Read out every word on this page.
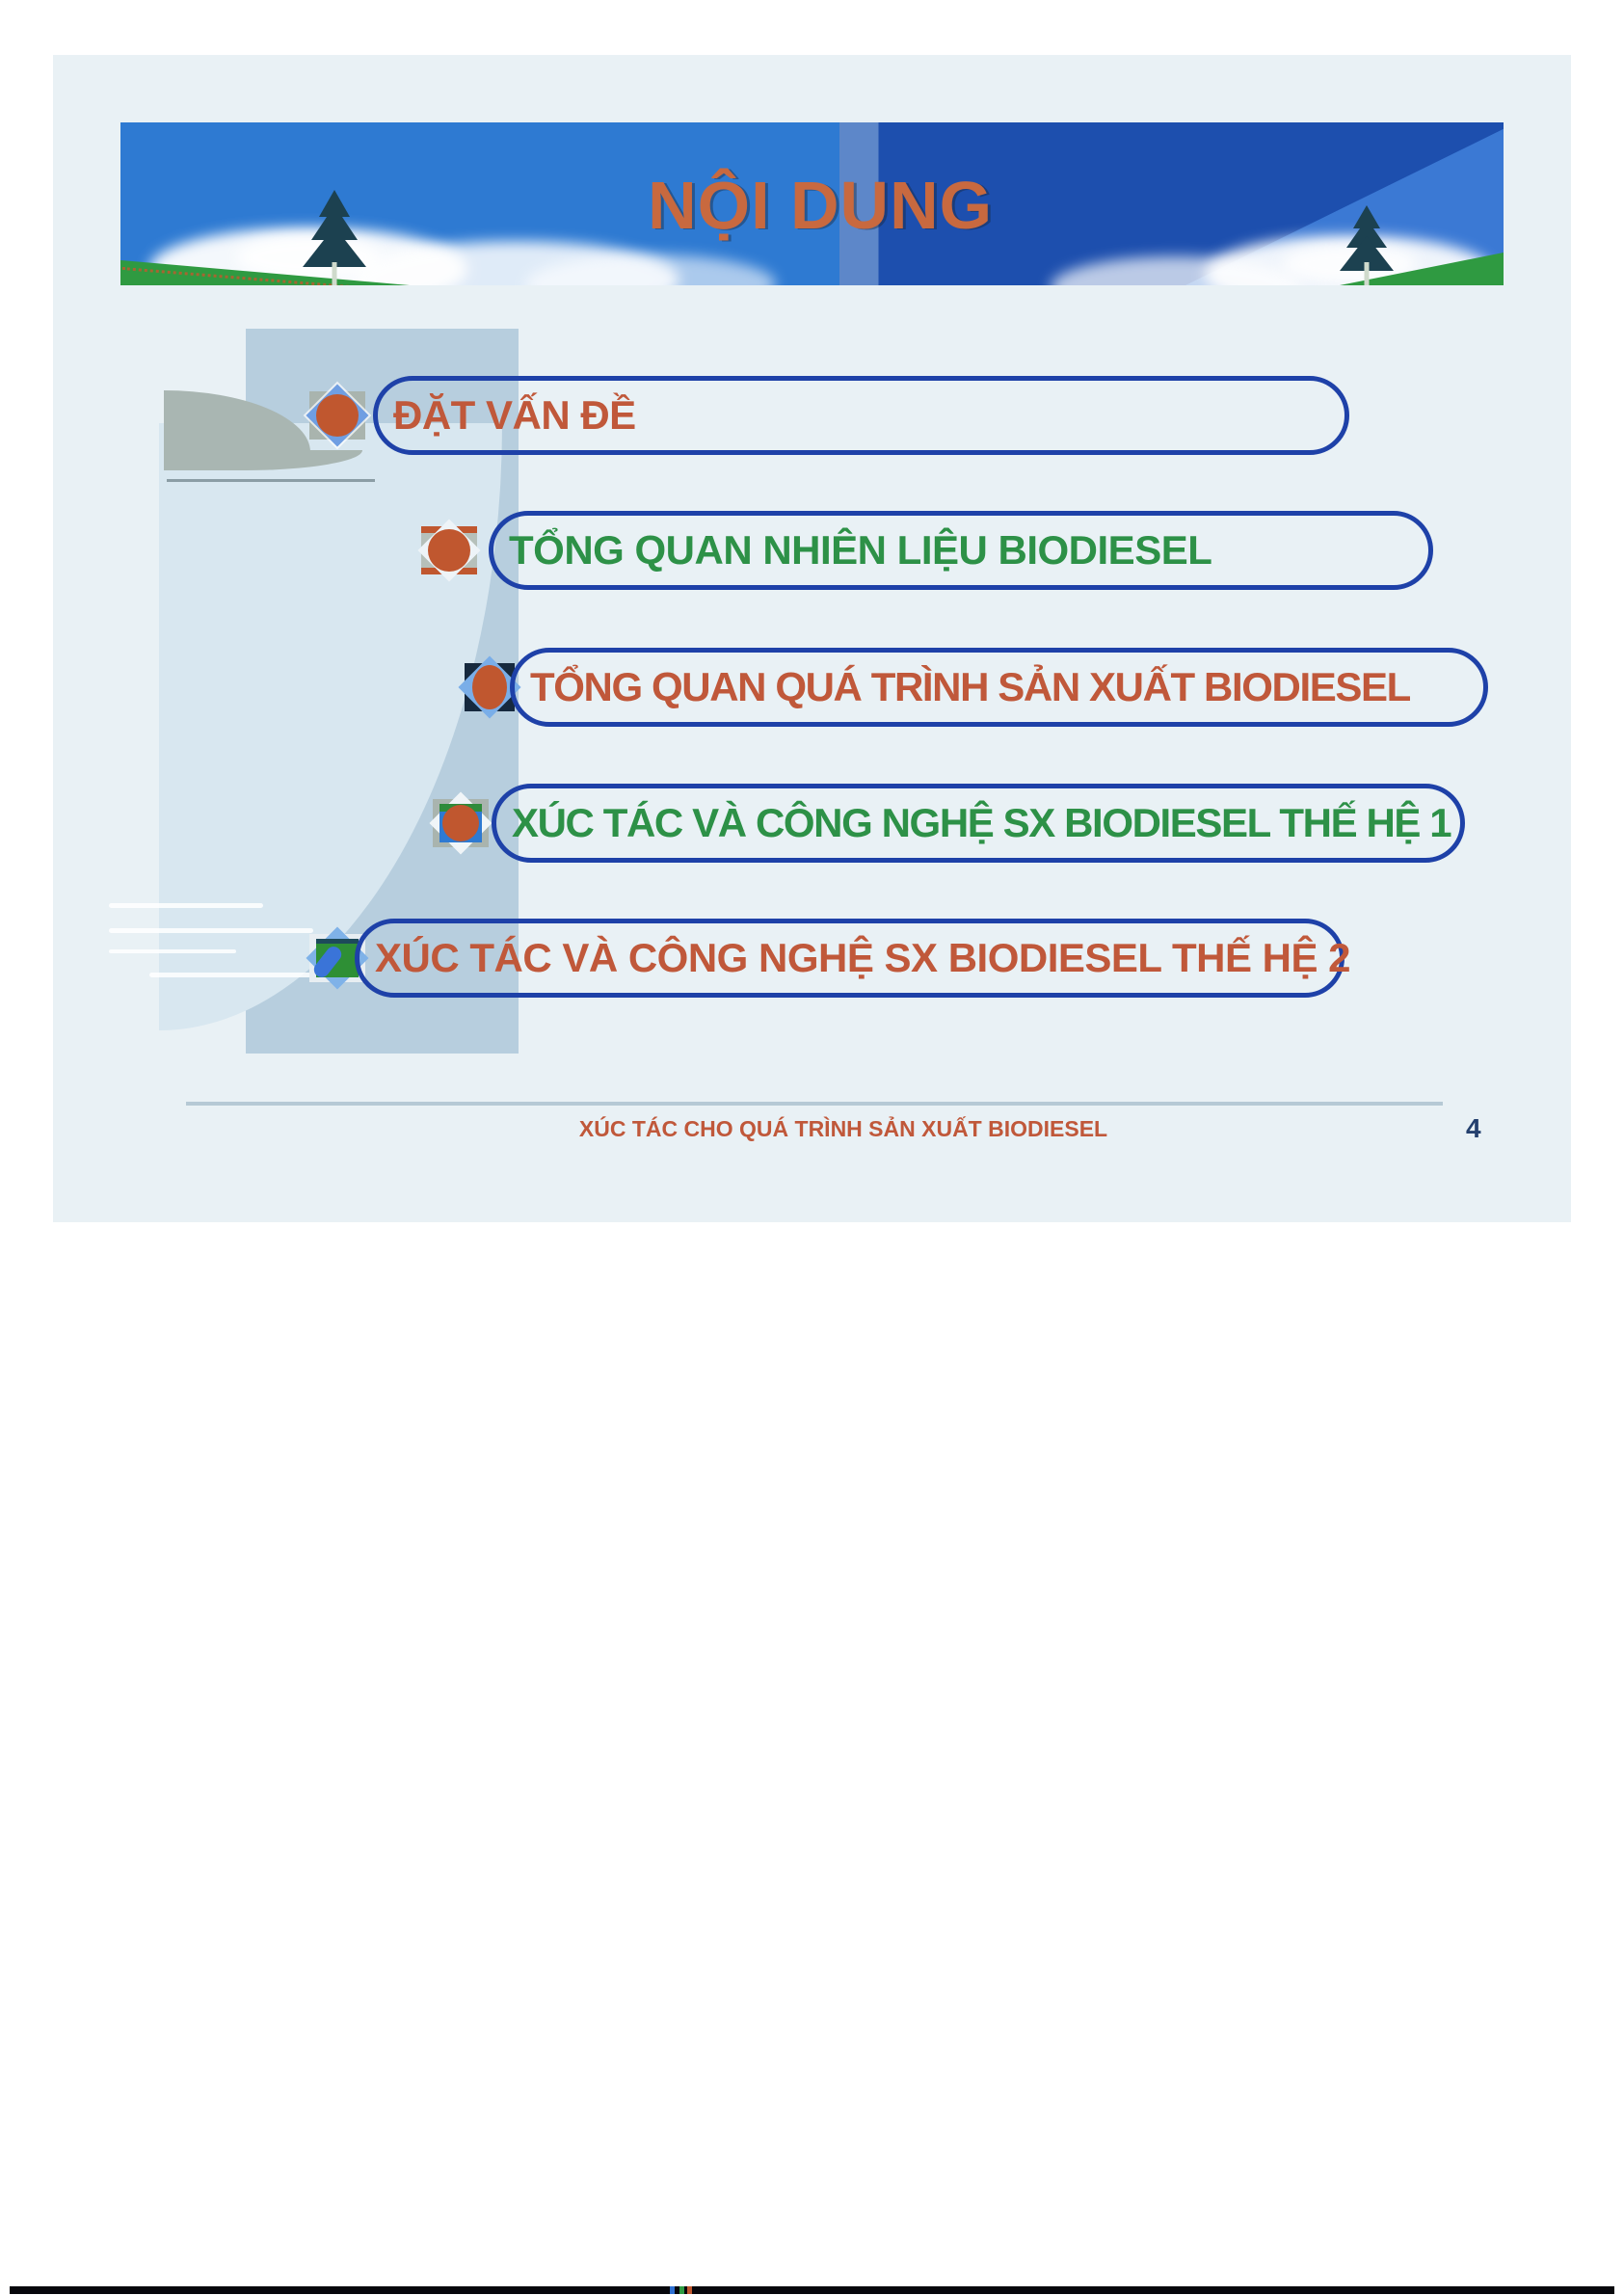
NỘI DUNG
ĐẶT VẤN ĐỀ
TỔNG QUAN NHIÊN LIỆU BIODIESEL
TỔNG QUAN QUÁ TRÌNH SẢN XUẤT BIODIESEL
XÚC TÁC VÀ CÔNG NGHỆ SX BIODIESEL THẾ HỆ 1
XÚC TÁC VÀ CÔNG NGHỆ SX BIODIESEL THẾ HỆ 2
XÚC TÁC CHO QUÁ TRÌNH SẢN XUẤT BIODIESEL	4
